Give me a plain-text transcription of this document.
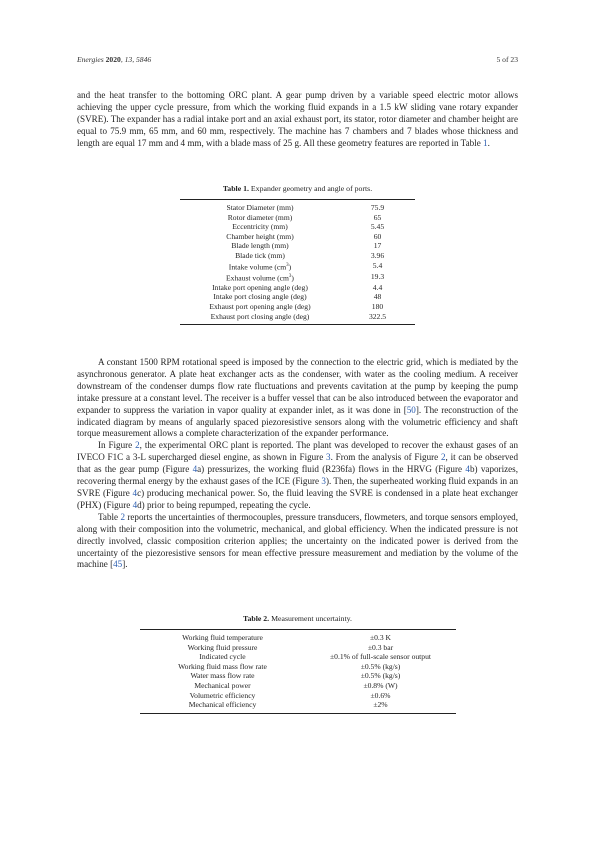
Energies 2020, 13, 5846	5 of 23

and the heat transfer to the bottoming ORC plant. A gear pump driven by a variable speed electric motor allows achieving the upper cycle pressure, from which the working fluid expands in a 1.5 kW sliding vane rotary expander (SVRE). The expander has a radial intake port and an axial exhaust port, its stator, rotor diameter and chamber height are equal to 75.9 mm, 65 mm, and 60 mm, respectively. The machine has 7 chambers and 7 blades whose thickness and length are equal 17 mm and 4 mm, with a blade mass of 25 g. All these geometry features are reported in Table 1.

Table 1. Expander geometry and angle of ports.
Stator Diameter (mm)	75.9
Rotor diameter (mm)	65
Eccentricity (mm)	5.45
Chamber height (mm)	60
Blade length (mm)	17
Blade tick (mm)	3.96
Intake volume $(cm^3)$	5.4
Exhaust volume $(cm^3)$	19.3
Intake port opening angle (deg)	4.4
Intake port closing angle (deg)	48
Exhaust port opening angle (deg)	180
Exhaust port closing angle (deg)	322.5

A constant 1500 RPM rotational speed is imposed by the connection to the electric grid, which is mediated by the asynchronous generator. A plate heat exchanger acts as the condenser, with water as the cooling medium. A receiver downstream of the condenser dumps flow rate fluctuations and prevents cavitation at the pump by keeping the pump intake pressure at a constant level. The receiver is a buffer vessel that can be also introduced between the evaporator and expander to suppress the variation in vapor quality at expander inlet, as it was done in [50]. The reconstruction of the indicated diagram by means of angularly spaced piezoresistive sensors along with the volumetric efficiency and shaft torque measurement allows a complete characterization of the expander performance.

In Figure 2, the experimental ORC plant is reported. The plant was developed to recover the exhaust gases of an IVECO F1C a 3-L supercharged diesel engine, as shown in Figure 3. From the analysis of Figure 2, it can be observed that as the gear pump (Figure 4a) pressurizes, the working fluid (R236fa) flows in the HRVG (Figure 4b) vaporizes, recovering thermal energy by the exhaust gases of the ICE (Figure 3). Then, the superheated working fluid expands in an SVRE (Figure 4c) producing mechanical power. So, the fluid leaving the SVRE is condensed in a plate heat exchanger (PHX) (Figure 4d) prior to being repumped, repeating the cycle.

Table 2 reports the uncertainties of thermocouples, pressure transducers, flowmeters, and torque sensors employed, along with their composition into the volumetric, mechanical, and global efficiency. When the indicated pressure is not directly involved, classic composition criterion applies; the uncertainty on the indicated power is derived from the uncertainty of the piezoresistive sensors for mean effective pressure measurement and mediation by the volume of the machine [45].

Table 2. Measurement uncertainty.
Working fluid temperature	±0.3 K
Working fluid pressure	±0.3 bar
Indicated cycle	±0.1% of full-scale sensor output
Working fluid mass flow rate	±0.5% (kg/s)
Water mass flow rate	±0.5% (kg/s)
Mechanical power	±0.8% (W)
Volumetric efficiency	±0.6%
Mechanical efficiency	±2%
